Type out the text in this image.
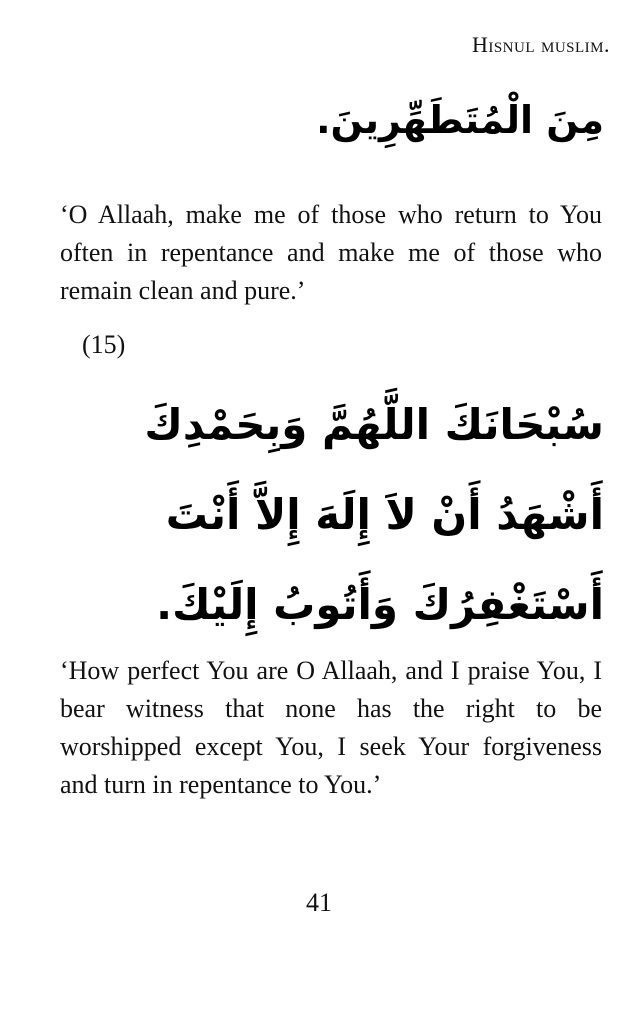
Hisnul muslim.
مِنَ الْمُتَطَهِّرِينَ.
‘O Allaah, make me of those who return to You often in repentance and make me of those who remain clean and pure.’
(15)
سُبْحَانَكَ اللَّهُمَّ وَبِحَمْدِكَ أَشْهَدُ أَنْ لاَ إِلَهَ إِلاَّ أَنْتَ أَسْتَغْفِرُكَ وَأَتُوبُ إِلَيْكَ.
‘How perfect You are O Allaah, and I praise You, I bear witness that none has the right to be worshipped except You, I seek Your forgiveness and turn in repentance to You.’
41
